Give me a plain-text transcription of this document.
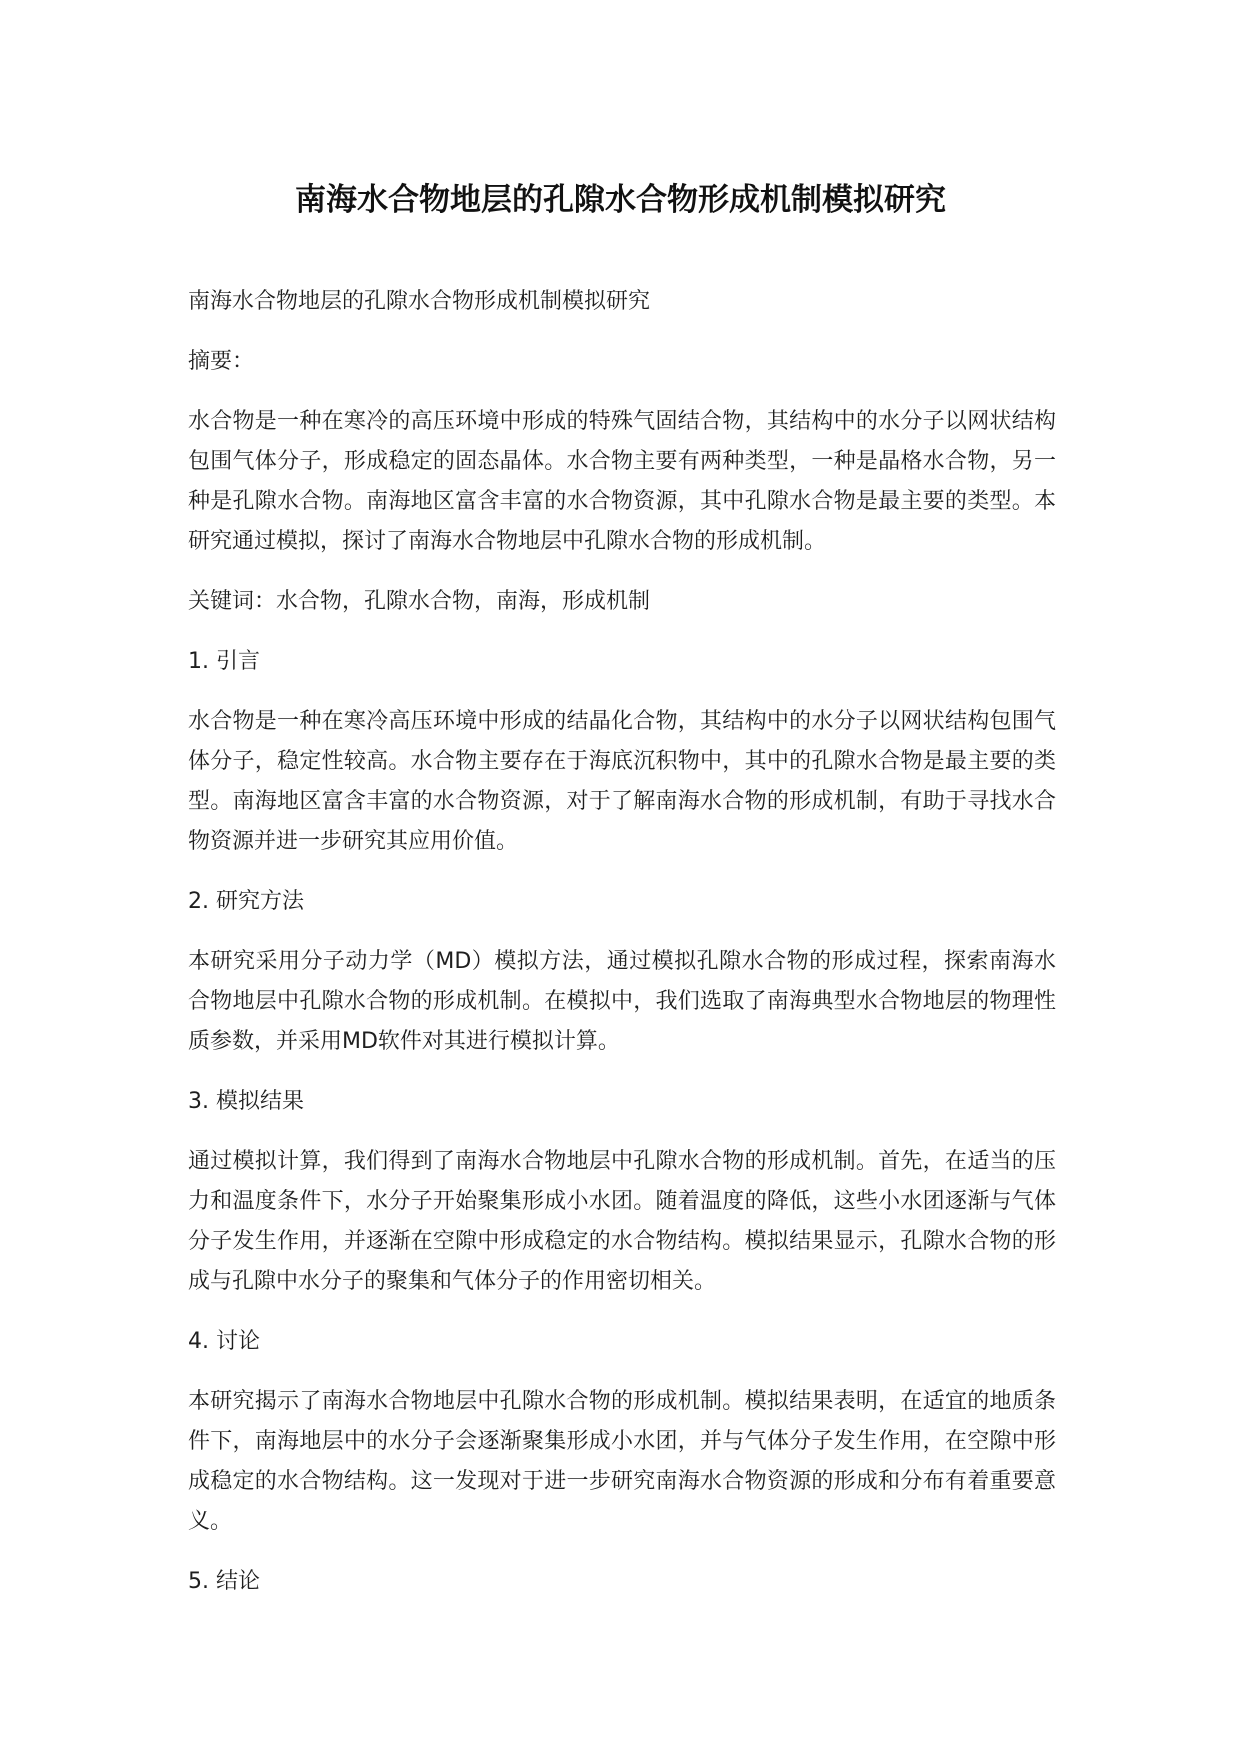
南海水合物地层的孔隙水合物形成机制模拟研究

南海水合物地层的孔隙水合物形成机制模拟研究

摘要：

水合物是一种在寒冷的高压环境中形成的特殊气固结合物，其结构中的水分子以网状结构包围气体分子，形成稳定的固态晶体。水合物主要有两种类型，一种是晶格水合物，另一种是孔隙水合物。南海地区富含丰富的水合物资源，其中孔隙水合物是最主要的类型。本研究通过模拟，探讨了南海水合物地层中孔隙水合物的形成机制。

关键词：水合物，孔隙水合物，南海，形成机制

1. 引言

水合物是一种在寒冷高压环境中形成的结晶化合物，其结构中的水分子以网状结构包围气体分子，稳定性较高。水合物主要存在于海底沉积物中，其中的孔隙水合物是最主要的类型。南海地区富含丰富的水合物资源，对于了解南海水合物的形成机制，有助于寻找水合物资源并进一步研究其应用价值。

2. 研究方法

本研究采用分子动力学（MD）模拟方法，通过模拟孔隙水合物的形成过程，探索南海水合物地层中孔隙水合物的形成机制。在模拟中，我们选取了南海典型水合物地层的物理性质参数，并采用MD软件对其进行模拟计算。

3. 模拟结果

通过模拟计算，我们得到了南海水合物地层中孔隙水合物的形成机制。首先，在适当的压力和温度条件下，水分子开始聚集形成小水团。随着温度的降低，这些小水团逐渐与气体分子发生作用，并逐渐在空隙中形成稳定的水合物结构。模拟结果显示，孔隙水合物的形成与孔隙中水分子的聚集和气体分子的作用密切相关。

4. 讨论

本研究揭示了南海水合物地层中孔隙水合物的形成机制。模拟结果表明，在适宜的地质条件下，南海地层中的水分子会逐渐聚集形成小水团，并与气体分子发生作用，在空隙中形成稳定的水合物结构。这一发现对于进一步研究南海水合物资源的形成和分布有着重要意义。

5. 结论
